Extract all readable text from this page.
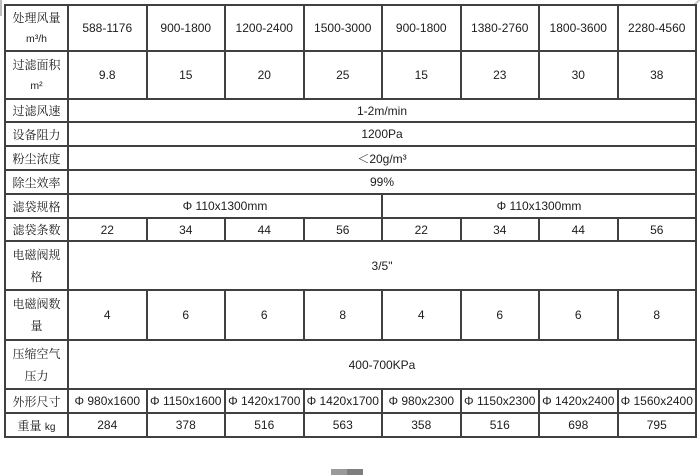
处理风量
m³/h	588-1176	900-1800	1200-2400	1500-3000	900-1800	1380-2760	1800-3600	2280-4560

过滤面积
m²	9.8	15	20	25	15	23	30	38
过滤风速	1-2m/min							
设备阻力	1200Pa							
粉尘浓度	＜20g/m³							
除尘效率	99%							
滤袋规格	Φ 110x1300mm				Φ 110x1300mm			
滤袋条数	22	34	44	56	22	34	44	56

电磁阀规
格	3/5"							

电磁阀数
量	4	6	6	8	4	6	6	8

压缩空气
压力	400-700KPa							
外形尺寸	Φ 980x1600	Φ 1150x1600	Φ 1420x1700	Φ 1420x1700	Φ 980x2300	Φ 1150x2300	Φ 1420x2400	Φ 1560x2400
重量 kg	284	378	516	563	358	516	698	795
